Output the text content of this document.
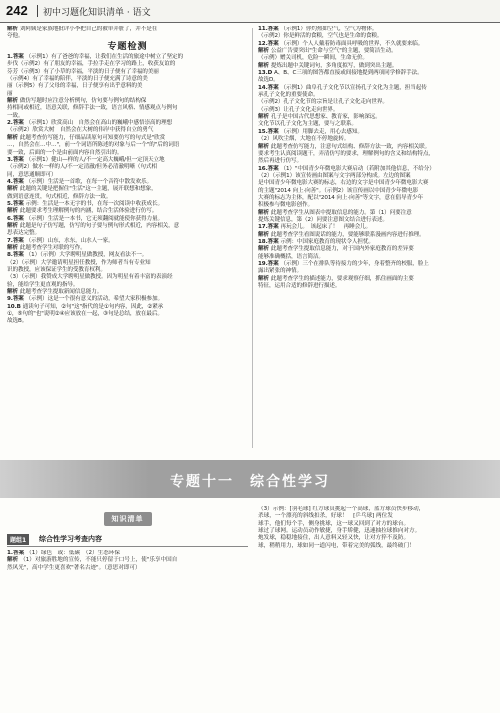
242 初中习题化知识清单 · 语文

解析 刘阿姨是家族地批评小李把自己的被单弄脏了，并不是在

夸他。

专题检测

1.答案 （示例1）有了爸爸的幸福，让我们在生活的旅途中树立了坚定的

步伐（示例2）有了朋友的幸福，手拉手走在学习的路上，收获友谊的

芬芳（示例3）有了小草的幸福，平淡的日子便有了幸福的美丽

（示例4）有了幸福的陪伴，平淡的日子便充满了诗意的美

丽（示例5）有了父母的幸福，日子便享有出乎意料的美

丽

解析 做仿写题时应注意分析例句，仿句要与例句的结构保

持相同或相近，语意关联，修辞手法一致，语言风格、情感观点与例句

一致。

2.答案 （示例1）欣赏高山　自然会在高山的巍峨中感悟崇高的理想

（示例2）欣赏大树　自然会在大树的伟岸中获得自立的勇气

解析 此题考查仿写能力，仔细品读原句可知要仿写的句式是"欣赏

…，自然会在…中…"，前一个词语所陈述的对象与后一个"的"后的词语

要一致，后面的一个是由前面内容自然引出的。

3.答案 （示例1）健山—样的人/不一定高大巍峨/但一定顶天立地

（示例2）做水一样的人/不一定清澈/但务必清澈明晰（句式相

同，意思通顺即可）

4.答案 （示例）生活是一首歌，在每一个音符中散发欢乐。

解析 此题的关键是把握住"生活"这一主题，展开联想和想象，

做到语意连贯，句式相近，修辞方法一致。

5.答案 示例：生活是一本无字的书，在每一次阅读中收获成长。

解析 此题要求考生理解例句的内涵，结合生活体验进行仿写。

6.答案 （示例）生活是一本书，它无须翻阅就能使你获得力量。

解析 此题是句子仿写题，仿写的句子要与例句形式相近，内容相关，意

思表达完整。

7.答案 （示例）山东，水东，山水人一家。

解析 此题考查学生对联的写作。

8.答案 （1）（示例）大学聘明星做教授，网友看法不一。

（2）（示例）大学邀请明星担任教授，作为师者当有专业知

识的教授，应该保证学生的受教育权利。

（3）（示例）我赞成大学聘明星做教授。因为明星有着丰富的表演经

验，能给学生更直观的指导。

解析 此题考查学生提取新闻信息能力。

9.答案 （示例）这是一个很有意义的活动，希望大家积极参加。

10.B 通读句子可知，②句"这"指代的是①句内容，因此，②紧承

①，⑤句的"也"说明②④应该放在一起，③句是总结，放在最后。

故选B。

11.答案 （示例1）你灼热如空气，空气为物体。

（示例2）你是鲜活的食粮，空气也是生命的食粮。

12.答案 （示例）个人人戴着防毒面具呼吸的世界，不久就要来临。

解析 公益广告要突出"生命与空气"的主题，要简洁生动。

（示例）赠关司机，危险一瞬间，生命无价。

解析 提炼出题中关键词句，多角度拟写，做到突出主题。

13.D A、B、C三项的图答都直接或间接地提到两项同学修辞手法。

故选D。

14.答案 （示例1）曲阜孔子文化节以宣扬孔子文化为主题，担当起传

承孔子文化的重要使命。

（示例2）孔子文化节的宗旨是让孔子文化走向世界。

（示例3）让孔子文化走向世界。

解析 孔子是中国古代思想家、教育家，影响深远。

文化节以孔子文化为主题，要与之联系。

15.答案 （示例）用脚去走，用心去感知。

（2）风吹尘烟，大地在不停地旋转。

解析 此题考查仿写能力，注意句式结构、修辞方法一致，内容相关联。

要求考生认真阅读题干，弄清仿写的要求，理解例句的含义和结构特点，

然后再进行仿写。

16.答案 （1）"中国青少年微电影大赛启动（若附加其他信息，不给分）

（2）（示例1）该宣传画由图案与文字两部分构成。左边的图案

是中国青少年微电影大赛的标志，右边的文字是中国青少年微电影大赛

的主题"2014 向上·向善"。（示例2）该宣传画以中国青少年微电影

大赛的标志为主体，配以"2014 向上·向善"等文字，意在倡导青少年

积极参与微电影创作。

解析 此题考查学生从图表中提取信息的能力。第（1）问要注意

提炼关键信息，第（2）问要注意图文结合进行表述。

17.答案 再玩会儿。　该起床了！　再睡会儿。

解析 此题考查学生看图说话的能力，要能够联系漫画内容进行推理。

18.答案 示例：中国家庭教育的现状令人担忧。

解析 此题考查学生提取信息能力，对于国内外家庭教育的差异要

能够准确概括，语言简洁。

19.答案 （示例）三个在排队等待接力的少年，身着整齐的校服，脸上

露出紧张的神情。

解析 此题考查学生的描述能力，要求观察仔细，抓住画面的主要

特征，运用合适的修辞进行描述。

专题十一　综合性学习
知识清单
题组1	综合性学习考查内容

1.答案 （1）绿色　或：低碳　（2）生态环保

解析 （1）对旅游胜地的宣传，不能只停留于口号上，使"乐享中国自

然风光"，高中学生更喜欢"著名古迹"。（意思对即可）

（3）示例：[羽毛球] 红方球员挑起一个高球，蓝方球员快步移动，

杀球，一个漂亮的斜线扣杀，好球！　[乒乓球] 两位发

球手，他们每个手，侧身挑球，这一球又回到了对方的球台。

球过了球网。运动员动作敏捷，身手矫健，迅速抽拉球推向对方。

炮发球，稳稳地接住，出人意料又轻又快，让对方猝不及防。

球，稍稍用力，球如同一道闪电，带着完美的弧线，最终破门！
